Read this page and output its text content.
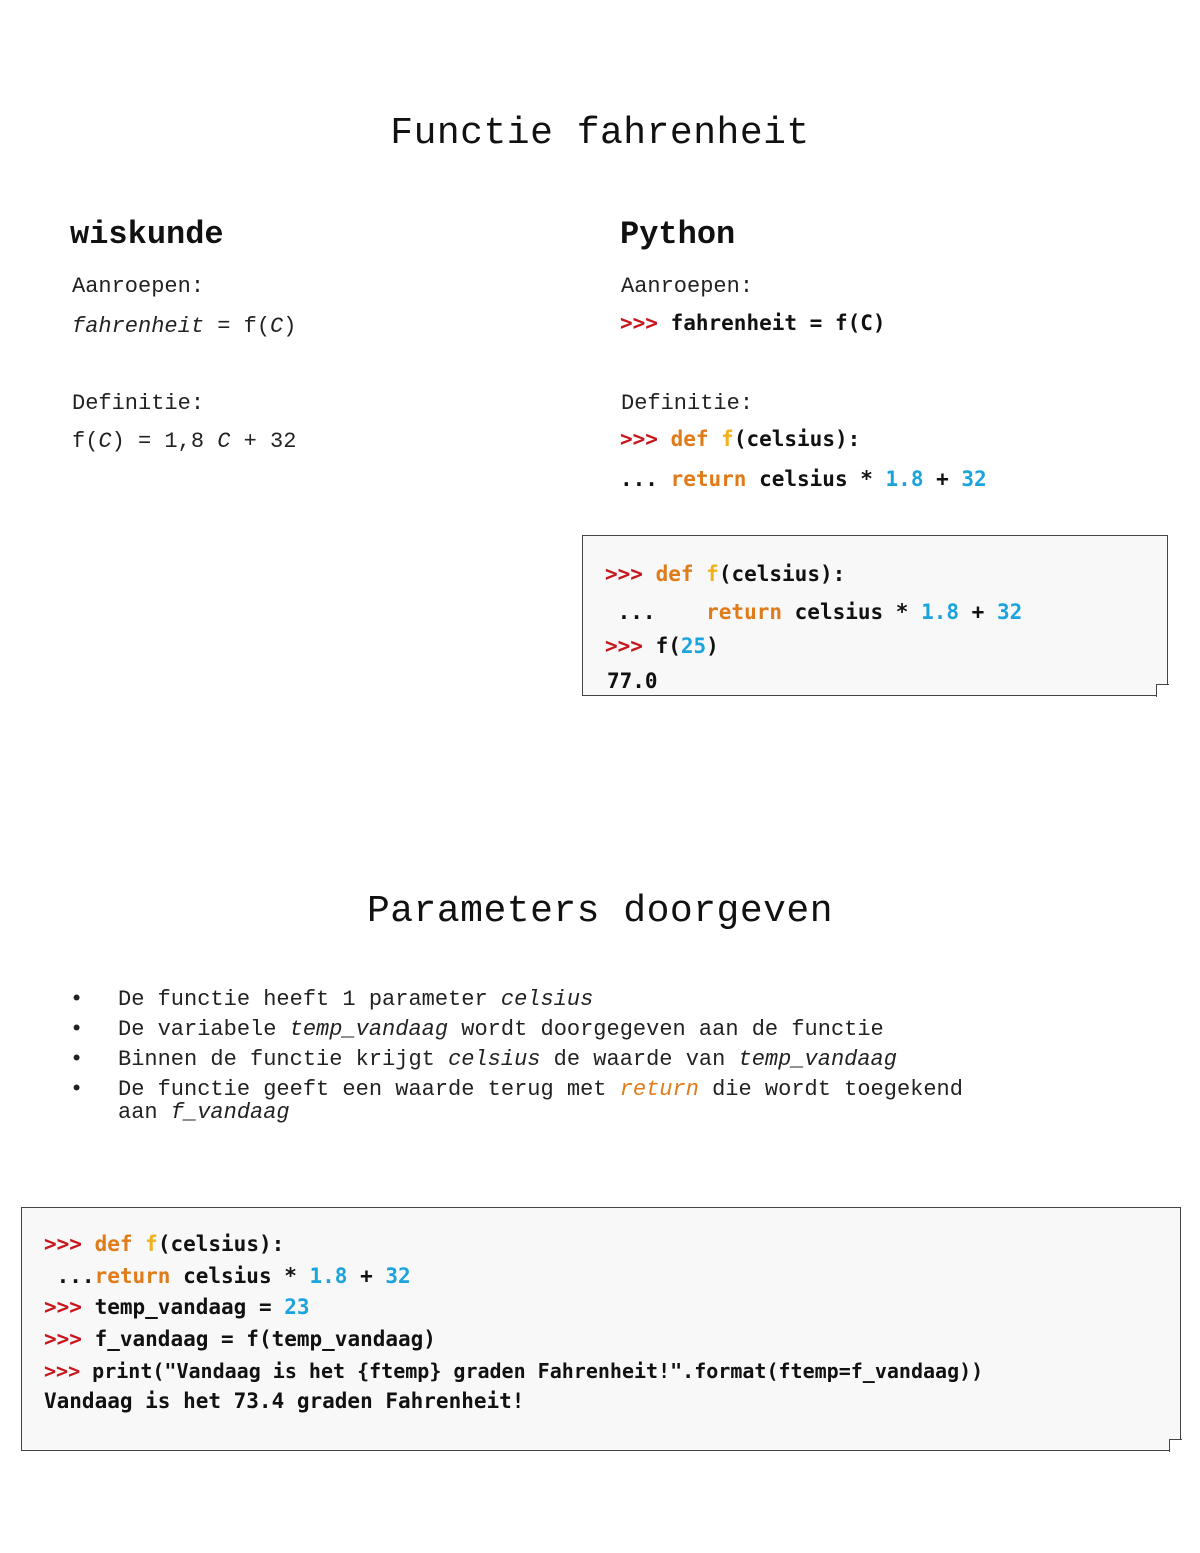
Functie fahrenheit
wiskunde
Aanroepen:
fahrenheit = f(C)
Definitie:
f(C) = 1,8 C + 32
Python
Aanroepen:
>>> fahrenheit = f(C)
Definitie:
>>> def f(celsius):
... return celsius * 1.8 + 32
>>> def f(celsius):
...    return celsius * 1.8 + 32
>>> f(25)
77.0
Parameters doorgeven
• De functie heeft 1 parameter celsius
• De variabele temp_vandaag wordt doorgegeven aan de functie
• Binnen de functie krijgt celsius de waarde van temp_vandaag
• De functie geeft een waarde terug met return die wordt toegekend
aan f_vandaag
>>> def f(celsius):
...return celsius * 1.8 + 32
>>> temp_vandaag = 23
>>> f_vandaag = f(temp_vandaag)
>>> print("Vandaag is het {ftemp} graden Fahrenheit!".format(ftemp=f_vandaag))
Vandaag is het 73.4 graden Fahrenheit!
